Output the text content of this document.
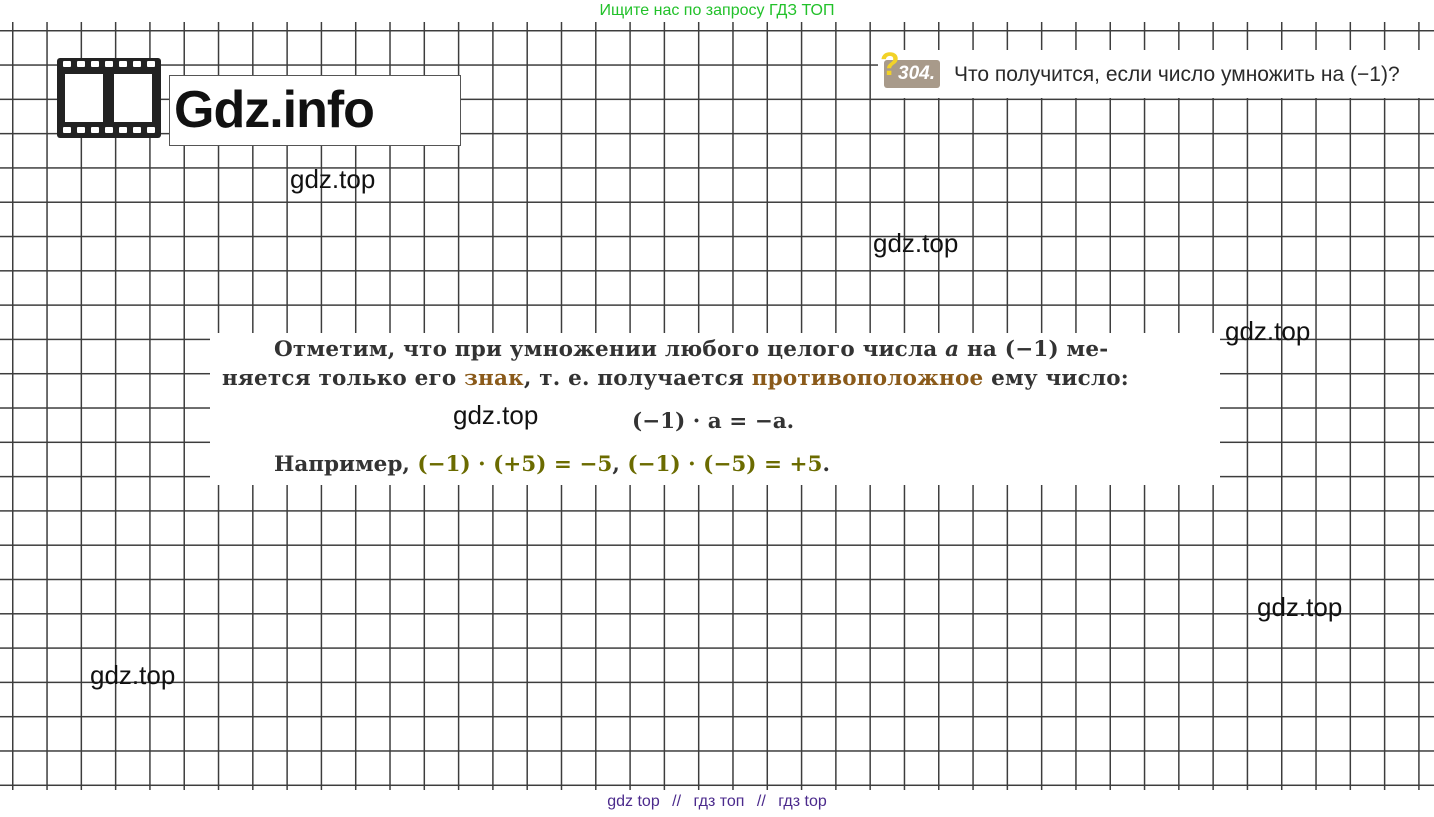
Ищите нас по запросу ГДЗ ТОП
Gdz.info
?
304. Что получится, если число умножить на (−1)?
Отметим, что при умножении любого целого числа a на (−1) ме-
няется только его знак, т. е. получается противоположное ему число:
(−1) · a = −a.
Например, (−1) · (+5) = −5, (−1) · (−5) = +5.
gdz.top
gdz.top
gdz.top
gdz.top
gdz.top
gdz.top
gdz top // гдз топ // гдз top
